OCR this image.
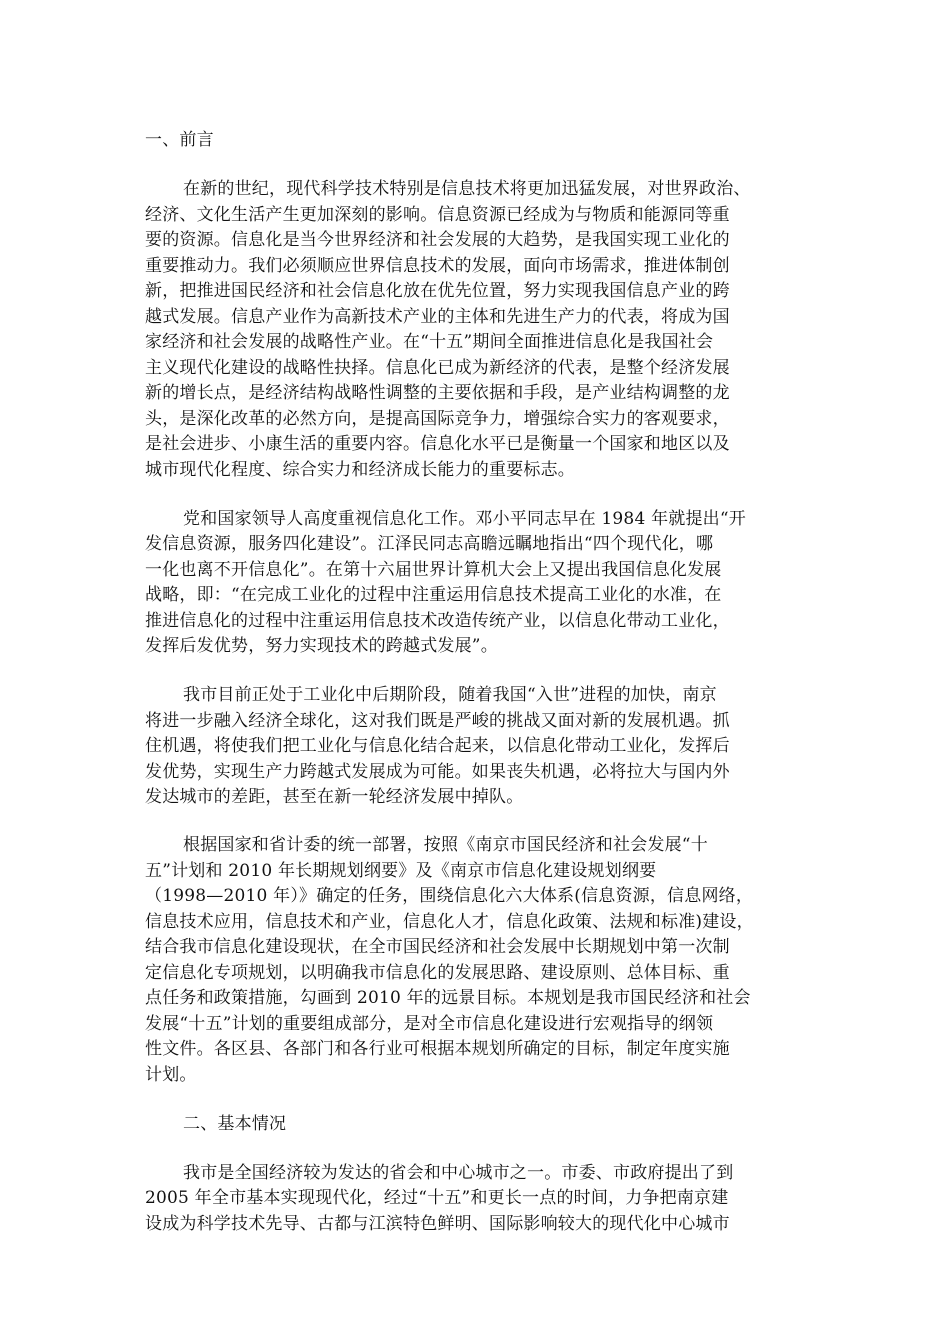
一、前言

在新的世纪，现代科学技术特别是信息技术将更加迅猛发展，对世界政治、

经济、文化生活产生更加深刻的影响。信息资源已经成为与物质和能源同等重

要的资源。信息化是当今世界经济和社会发展的大趋势，是我国实现工业化的

重要推动力。我们必须顺应世界信息技术的发展，面向市场需求，推进体制创

新，把推进国民经济和社会信息化放在优先位置，努力实现我国信息产业的跨

越式发展。信息产业作为高新技术产业的主体和先进生产力的代表，将成为国

家经济和社会发展的战略性产业。在“十五”期间全面推进信息化是我国社会

主义现代化建设的战略性抉择。信息化已成为新经济的代表，是整个经济发展

新的增长点，是经济结构战略性调整的主要依据和手段，是产业结构调整的龙

头，是深化改革的必然方向，是提高国际竞争力，增强综合实力的客观要求，

是社会进步、小康生活的重要内容。信息化水平已是衡量一个国家和地区以及

城市现代化程度、综合实力和经济成长能力的重要标志。

党和国家领导人高度重视信息化工作。邓小平同志早在 1984 年就提出“开

发信息资源，服务四化建设”。江泽民同志高瞻远瞩地指出“四个现代化，哪

一化也离不开信息化”。在第十六届世界计算机大会上又提出我国信息化发展

战略，即：“在完成工业化的过程中注重运用信息技术提高工业化的水准，在

推进信息化的过程中注重运用信息技术改造传统产业，以信息化带动工业化，

发挥后发优势，努力实现技术的跨越式发展”。

我市目前正处于工业化中后期阶段，随着我国“入世”进程的加快，南京

将进一步融入经济全球化，这对我们既是严峻的挑战又面对新的发展机遇。抓

住机遇，将使我们把工业化与信息化结合起来，以信息化带动工业化，发挥后

发优势，实现生产力跨越式发展成为可能。如果丧失机遇，必将拉大与国内外

发达城市的差距，甚至在新一轮经济发展中掉队。

根据国家和省计委的统一部署，按照《南京市国民经济和社会发展“十

五”计划和 2010 年长期规划纲要》及《南京市信息化建设规划纲要

（1998—2010 年）》确定的任务，围绕信息化六大体系(信息资源，信息网络，

信息技术应用，信息技术和产业，信息化人才，信息化政策、法规和标准)建设，

结合我市信息化建设现状，在全市国民经济和社会发展中长期规划中第一次制

定信息化专项规划，以明确我市信息化的发展思路、建设原则、总体目标、重

点任务和政策措施，勾画到 2010 年的远景目标。本规划是我市国民经济和社会

发展“十五”计划的重要组成部分，是对全市信息化建设进行宏观指导的纲领

性文件。各区县、各部门和各行业可根据本规划所确定的目标，制定年度实施

计划。

二、基本情况

我市是全国经济较为发达的省会和中心城市之一。市委、市政府提出了到

2005 年全市基本实现现代化，经过“十五”和更长一点的时间，力争把南京建

设成为科学技术先导、古都与江滨特色鲜明、国际影响较大的现代化中心城市
